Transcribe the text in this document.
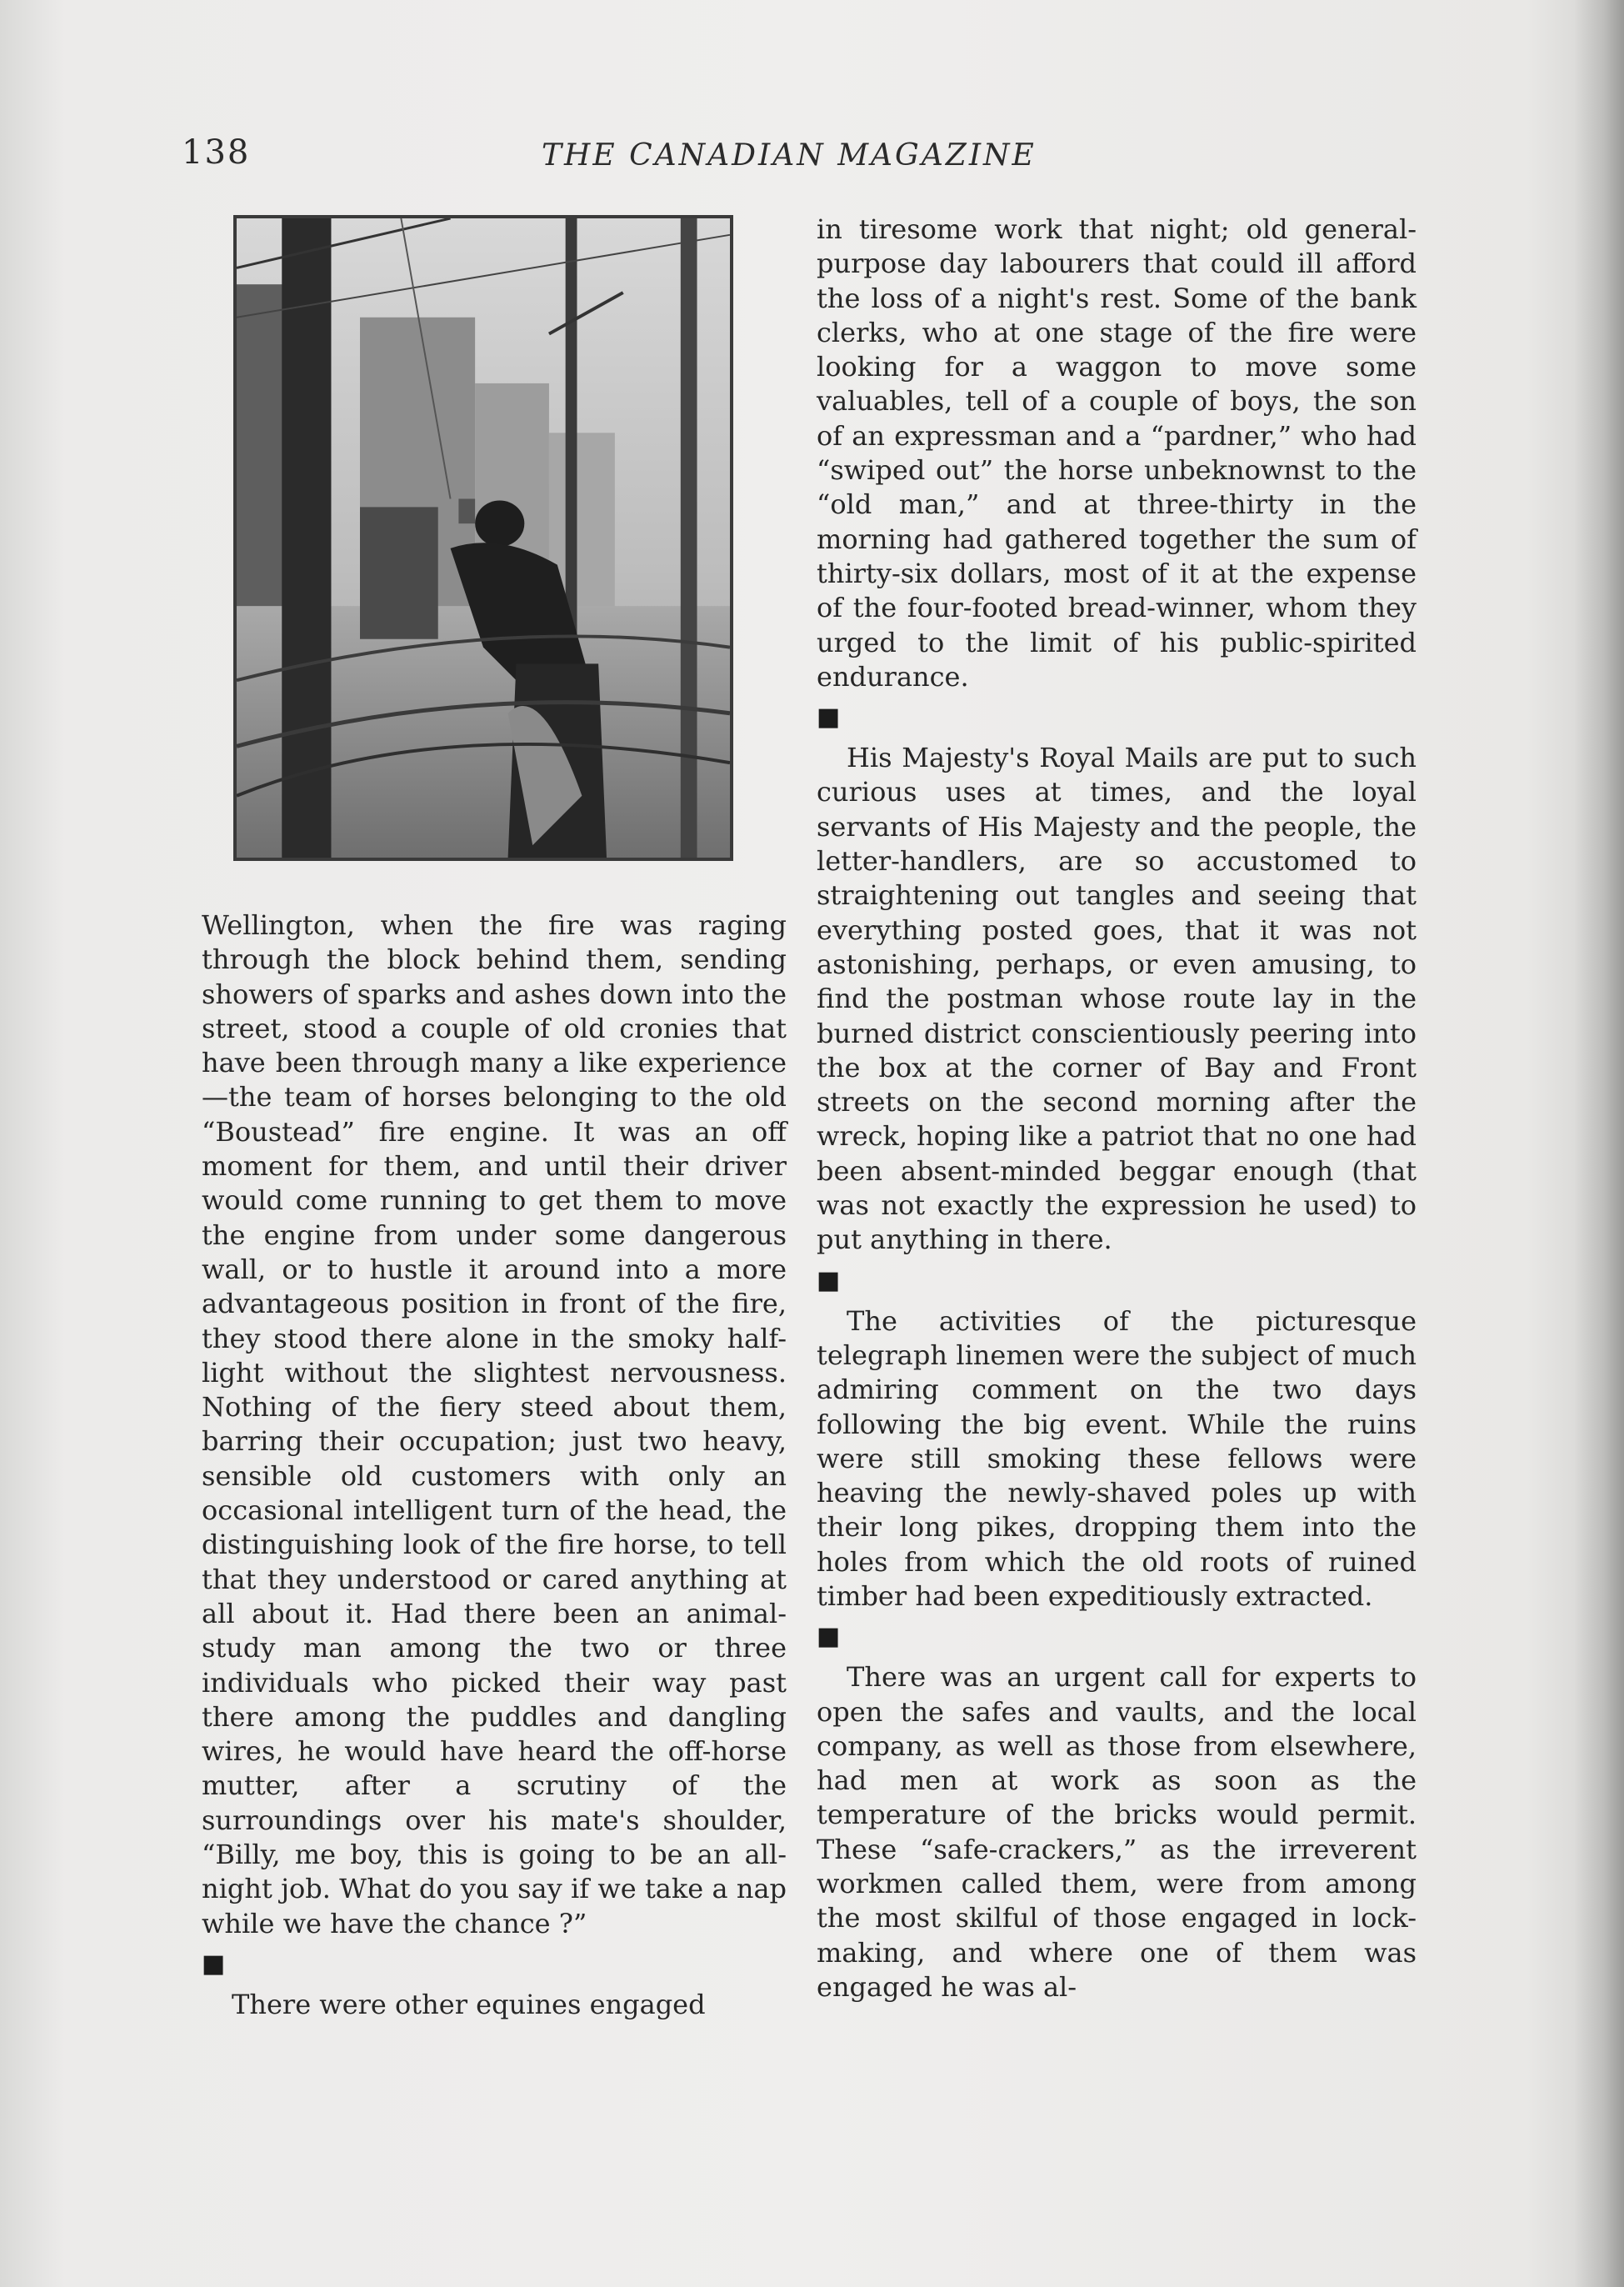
138	THE CANADIAN MAGAZINE

Wellington, when the fire was raging through the block behind them, sending showers of sparks and ashes down into the street, stood a couple of old cronies that have been through many a like experience—the team of horses belonging to the old “Boustead” fire engine. It was an off moment for them, and until their driver would come running to get them to move the engine from under some dangerous wall, or to hustle it around into a more advantageous position in front of the fire, they stood there alone in the smoky half-light without the slightest nervousness. Nothing of the fiery steed about them, barring their occupation; just two heavy, sensible old customers with only an occasional intelligent turn of the head, the distinguishing look of the fire horse, to tell that they understood or cared anything at all about it. Had there been an animal-study man among the two or three individuals who picked their way past there among the puddles and dangling wires, he would have heard the off-horse mutter, after a scrutiny of the surroundings over his mate's shoulder, “Billy, me boy, this is going to be an all-night job. What do you say if we take a nap while we have the chance ?”

■

There were other equines engaged

in tiresome work that night; old general-purpose day labourers that could ill afford the loss of a night's rest. Some of the bank clerks, who at one stage of the fire were looking for a waggon to move some valuables, tell of a couple of boys, the son of an expressman and a “pardner,” who had “swiped out” the horse unbeknownst to the “old man,” and at three-thirty in the morning had gathered together the sum of thirty-six dollars, most of it at the expense of the four-footed bread-winner, whom they urged to the limit of his public-spirited endurance.

■

His Majesty's Royal Mails are put to such curious uses at times, and the loyal servants of His Majesty and the people, the letter-handlers, are so accustomed to straightening out tangles and seeing that everything posted goes, that it was not astonishing, perhaps, or even amusing, to find the postman whose route lay in the burned district conscientiously peering into the box at the corner of Bay and Front streets on the second morning after the wreck, hoping like a patriot that no one had been absent-minded beggar enough (that was not exactly the expression he used) to put anything in there.

■

The activities of the picturesque telegraph linemen were the subject of much admiring comment on the two days following the big event. While the ruins were still smoking these fellows were heaving the newly-shaved poles up with their long pikes, dropping them into the holes from which the old roots of ruined timber had been expeditiously extracted.

■

There was an urgent call for experts to open the safes and vaults, and the local company, as well as those from elsewhere, had men at work as soon as the temperature of the bricks would permit. These “safe-crackers,” as the irreverent workmen called them, were from among the most skilful of those engaged in lock-making, and where one of them was engaged he was al-
